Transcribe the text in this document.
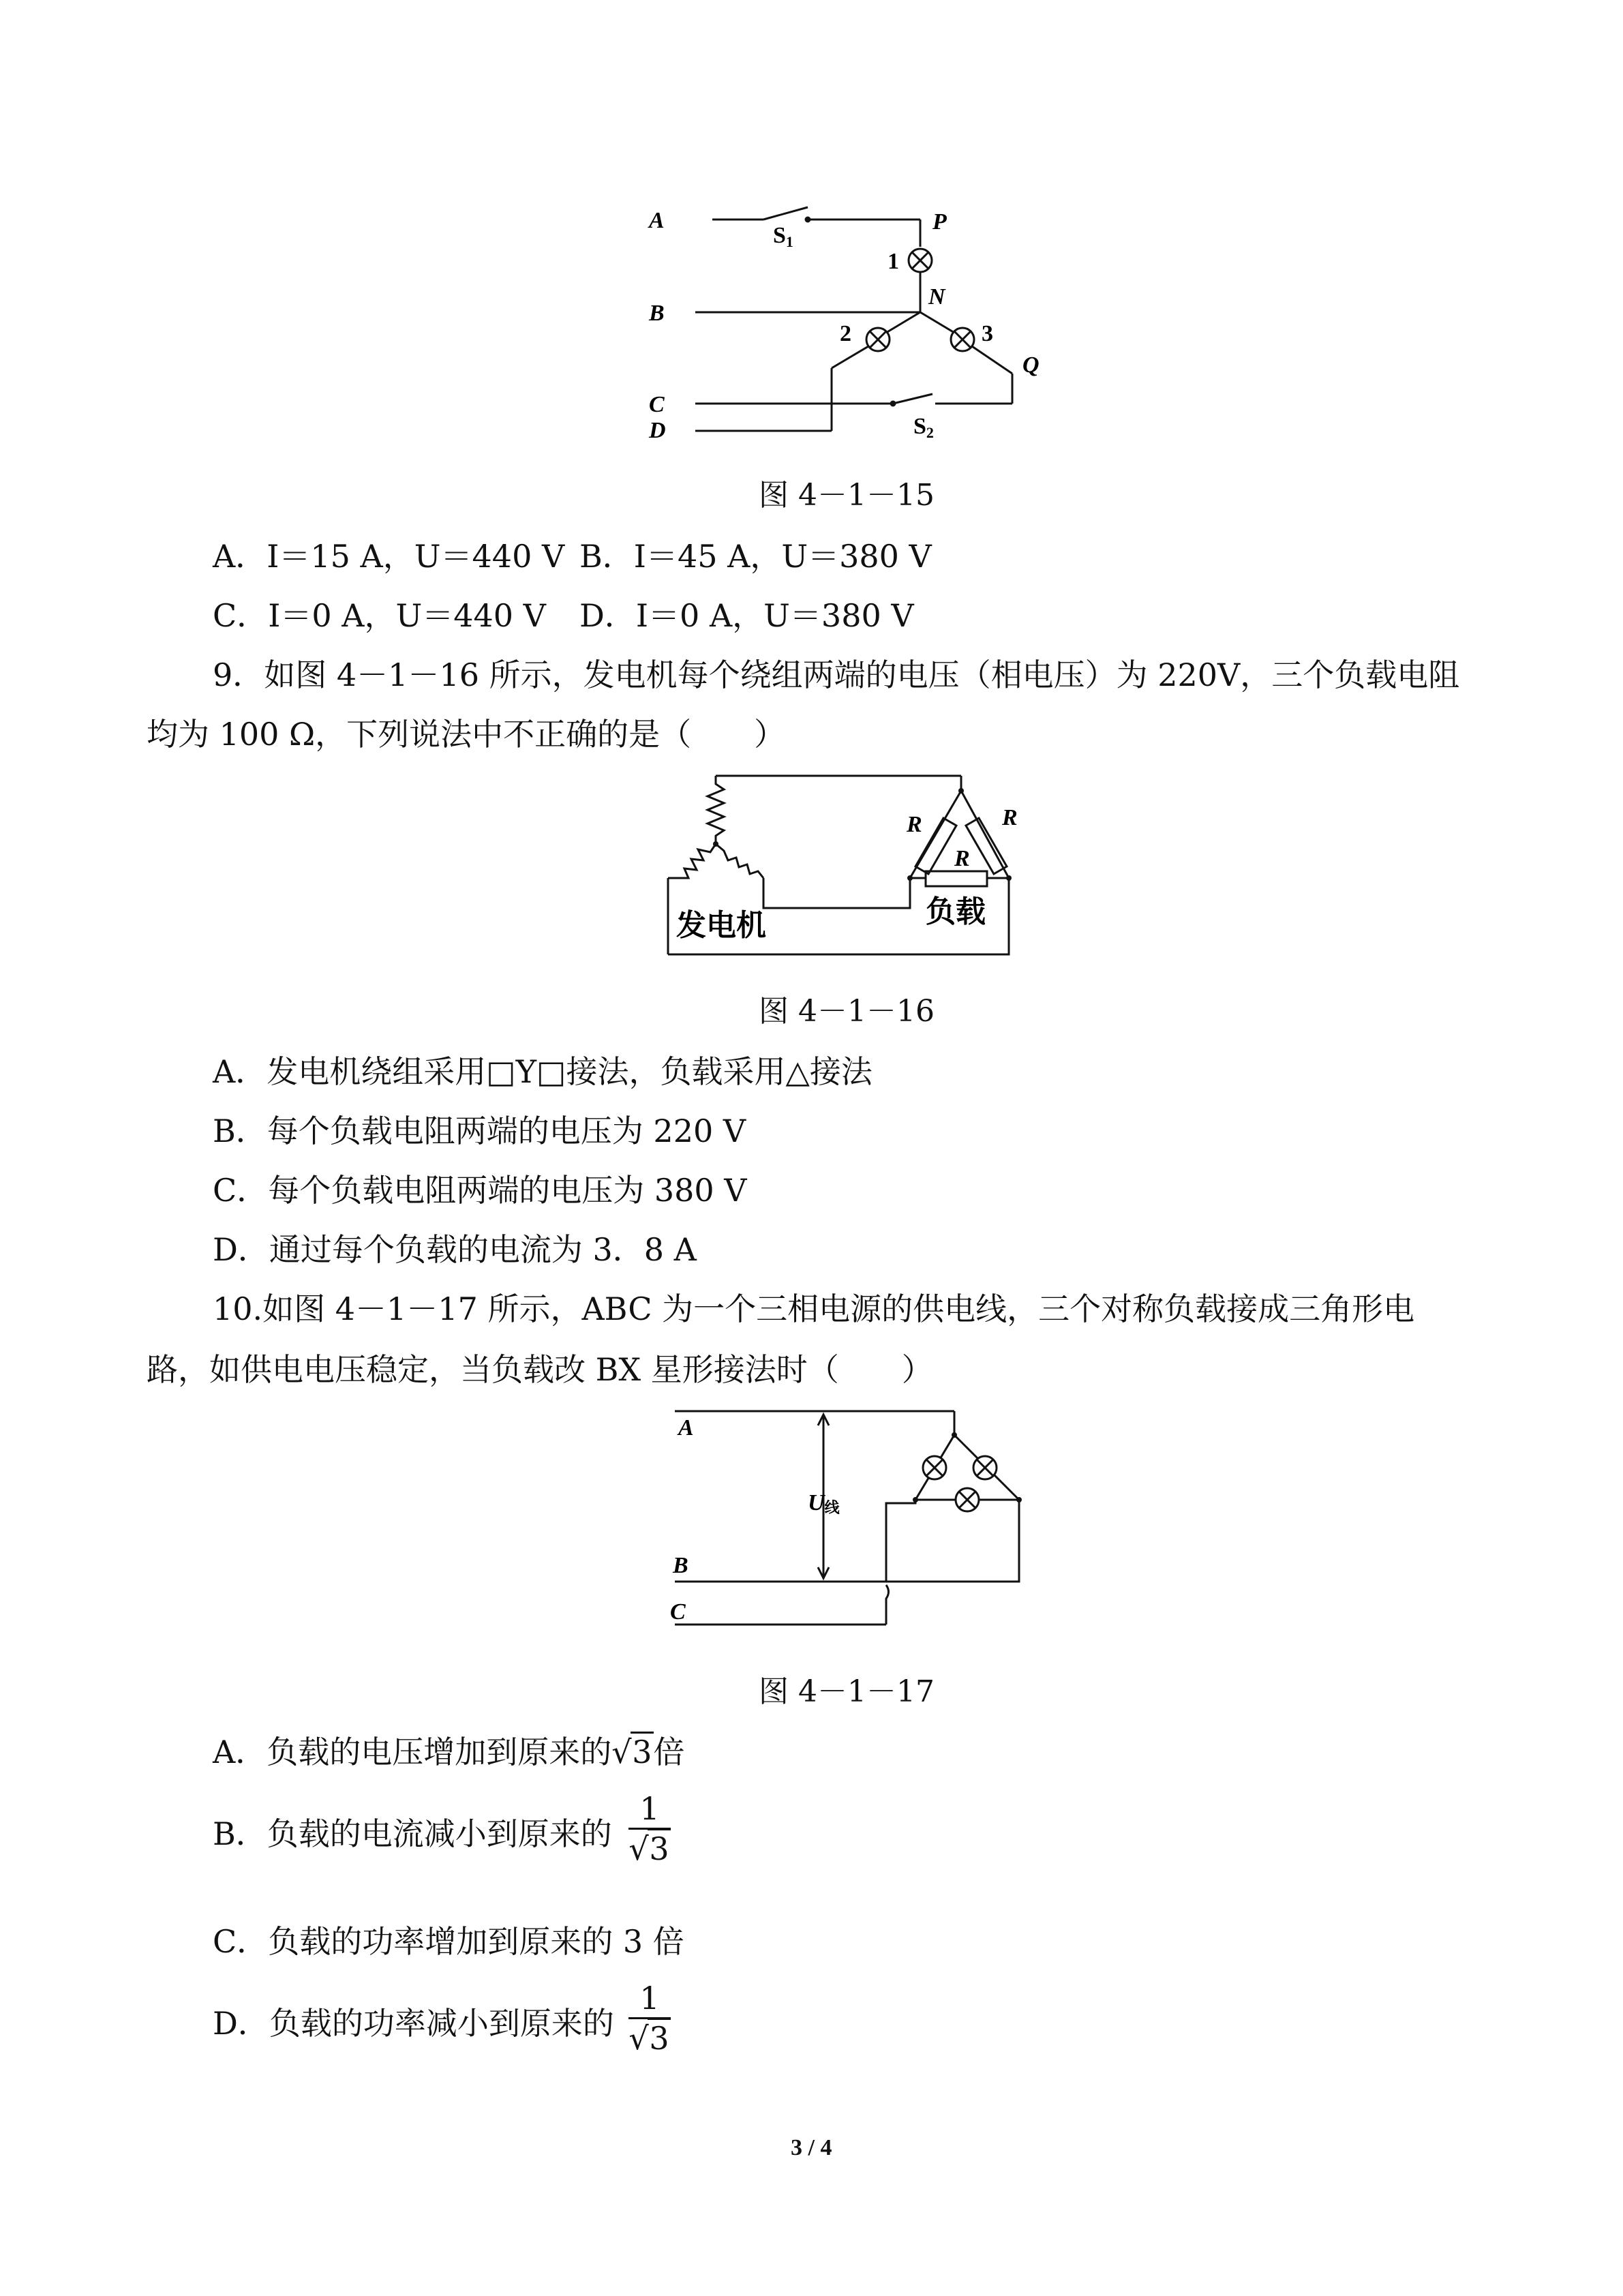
A
B
C
D
P
N
Q
S1
S2
1
2	3
图 4－1－15
A．I＝15 A，U＝440 V B．I＝45 A，U＝380 V
C．I＝0 A，U＝440 V D．I＝0 A，U＝380 V
9．如图 4－1－16 所示，发电机每个绕组两端的电压（相电压）为 220V，三个负载电阻
均为 100 Ω，下列说法中不正确的是（　　）
R	R
R
发电机	负载
图 4－1－16
A．发电机绕组采用□Y□接法，负载采用△接法
B．每个负载电阻两端的电压为 220 V
C．每个负载电阻两端的电压为 380 V
D．通过每个负载的电流为 3．8 A
10.如图 4－1－17 所示，ABC 为一个三相电源的供电线，三个对称负载接成三角形电
路，如供电电压稳定，当负载改 BX 星形接法时（　　）
A
B
C
U线
图 4－1－17
A．负载的电压增加到原来的 √ 3倍
B．负载的电流减小到原来的
1
√ 3
C．负载的功率增加到原来的 3 倍
D．负载的功率减小到原来的
1
√ 3
3 / 4
